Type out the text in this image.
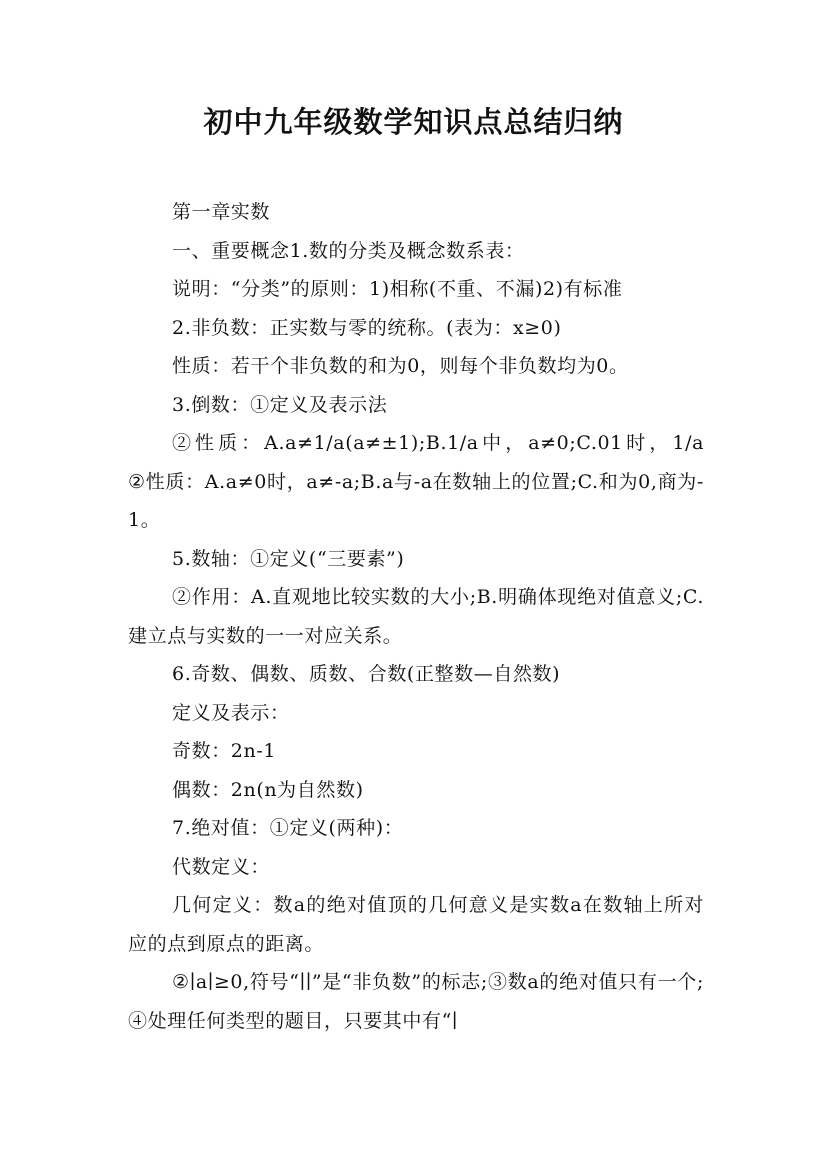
初中九年级数学知识点总结归纳

第一章实数

一、重要概念1.数的分类及概念数系表：

说明：“分类”的原则：1)相称(不重、不漏)2)有标准

2.非负数：正实数与零的统称。(表为：x≥0)

性质：若干个非负数的和为0，则每个非负数均为0。

3.倒数：①定义及表示法

②性质：A.a≠1/a(a≠±1);B.1/a中，a≠0;C.01时，1/a    ②性质：A.a≠0时，a≠-a;B.a与-a在数轴上的位置;C.和为0,商为-1。

5.数轴：①定义(“三要素”)

②作用：A.直观地比较实数的大小;B.明确体现绝对值意义;C.建立点与实数的一一对应关系。

6.奇数、偶数、质数、合数(正整数—自然数)

定义及表示：

奇数：2n-1

偶数：2n(n为自然数)

7.绝对值：①定义(两种)：

代数定义：

几何定义：数a的绝对值顶的几何意义是实数a在数轴上所对应的点到原点的距离。

②∣a∣≥0,符号“∣∣”是“非负数”的标志;③数a的绝对值只有一个;④处理任何类型的题目，只要其中有“∣
